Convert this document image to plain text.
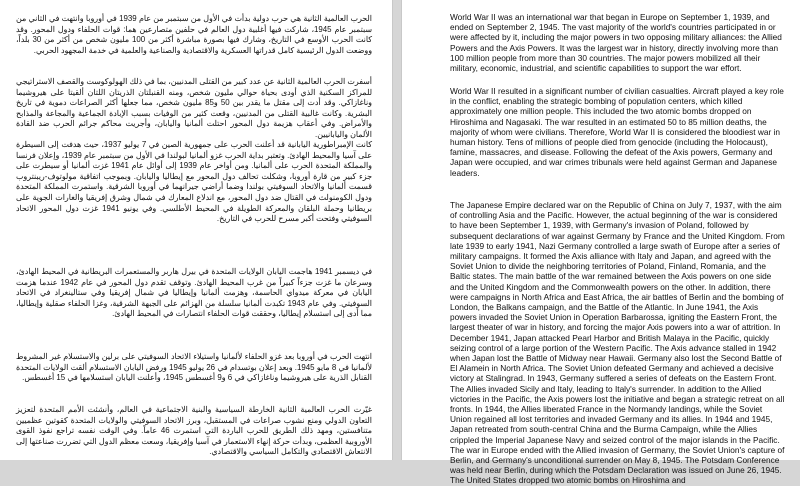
الحرب العالمية الثانية هي حرب دولية بدأت في الأول من سبتمبر من عام 1939 في أوروبا وانتهت في الثاني من سبتمبر عام 1945، شاركت فيها أغلبية دول العالم في حلفين متصارعين هما: قوات الحلفاء ودول المحور. وقد كانت الحرب الأوسع في التاريخ، وشارك فيها بصورة مباشرة أكثر من 100 مليون شخص من أكثر من 30 بلداً، ووضعت الدول الرئيسية كامل قدراتها العسكرية والاقتصادية والصناعية والعلمية في خدمة المجهود الحربي.

أسفرت الحرب العالمية الثانية عن عدد كبير من القتلى المدنيين، بما في ذلك الهولوكوست والقصف الاستراتيجي للمراكز السكنية الذي أودى بحياة حوالي مليون شخص، ومنه القنبلتان الذريتان اللتان ألقيتا على هيروشيما وناغازاكي. وقد أدت إلى مقتل ما يقدر بين 50 و85 مليون شخص، مما جعلها أكثر الصراعات دموية في تاريخ البشرية. وكانت غالبية القتلى من المدنيين، وقعت كثير من الوفيات بسبب الإبادة الجماعية والمجاعة والمذابح والأمراض. وفي أعقاب هزيمة دول المحور احتلت ألمانيا واليابان، وأجريت محاكم جرائم الحرب ضد القادة الألمان واليابانيين.

كانت الإمبراطورية اليابانية قد أعلنت الحرب على جمهورية الصين في 7 يوليو 1937، حيث هدفت إلى السيطرة على آسيا والمحيط الهادئ. وتعتبر بداية الحرب غزو ألمانيا لبولندا في الأول من سبتمبر عام 1939، وإعلان فرنسا والمملكة المتحدة الحرب على ألمانيا. ومن أواخر عام 1939 إلى أوائل عام 1941 غزت ألمانيا أو سيطرت على جزء كبير من قارة أوروبا، وشكلت تحالف دول المحور مع إيطاليا واليابان. وبموجب اتفاقية مولوتوف-ريبنتروب قسمت ألمانيا والاتحاد السوفيتي بولندا وضما أراضي جيرانهما في أوروبا الشرقية. واستمرت المملكة المتحدة ودول الكومنولث في القتال ضد دول المحور، مع اندلاع المعارك في شمال وشرق إفريقيا والغارات الجوية على بريطانيا وحملة البلقان والمعركة الطويلة في المحيط الأطلسي. وفي يونيو 1941 غزت دول المحور الاتحاد السوفيتي وفتحت أكبر مسرح للحرب في التاريخ.

في ديسمبر 1941 هاجمت اليابان الولايات المتحدة في بيرل هاربر والمستعمرات البريطانية في المحيط الهادئ، وسرعان ما غزت جزءاً كبيراً من غرب المحيط الهادئ. وتوقف تقدم دول المحور في عام 1942 عندما هزمت اليابان في معركة ميدواي الحاسمة، وهزمت ألمانيا وإيطاليا في شمال إفريقيا وفي ستالينغراد في الاتحاد السوفيتي. وفي عام 1943 تكبدت ألمانيا سلسلة من الهزائم على الجبهة الشرقية، وغزا الحلفاء صقلية وإيطاليا، مما أدى إلى استسلام إيطاليا، وحققت قوات الحلفاء انتصارات في المحيط الهادئ.

انتهت الحرب في أوروبا بعد غزو الحلفاء لألمانيا واستيلاء الاتحاد السوفيتي على برلين والاستسلام غير المشروط لألمانيا في 8 مايو 1945. وبعد إعلان بوتسدام في 26 يوليو 1945 ورفض اليابان الاستسلام ألقت الولايات المتحدة القنابل الذرية على هيروشيما وناغازاكي في 6 و9 أغسطس 1945، وأعلنت اليابان استسلامها في 15 أغسطس.

غيّرت الحرب العالمية الثانية الخارطة السياسية والبنية الاجتماعية في العالم، وأنشئت الأمم المتحدة لتعزيز التعاون الدولي ومنع نشوب صراعات في المستقبل، وبرز الاتحاد السوفيتي والولايات المتحدة كقوتين عظميين متنافستين، ومهد ذلك الطريق للحرب الباردة التي استمرت 46 عاماً. وفي الوقت نفسه تراجع نفوذ القوى الأوروبية العظمى، وبدأت حركة إنهاء الاستعمار في آسيا وإفريقيا، وسعت معظم الدول التي تضررت صناعتها إلى الانتعاش الاقتصادي والتكامل السياسي والاقتصادي.

World War II was an international war that began in Europe on September 1, 1939, and ended on September 2, 1945. The vast majority of the world's countries participated in or were affected by it, including the major powers in two opposing military alliances: the Allied Powers and the Axis Powers. It was the largest war in history, directly involving more than 100 million people from more than 30 countries. The major powers mobilized all their military, economic, industrial, and scientific capabilities to support the war effort.

World War II resulted in a significant number of civilian casualties. Aircraft played a key role in the conflict, enabling the strategic bombing of population centers, which killed approximately one million people. This included the two atomic bombs dropped on Hiroshima and Nagasaki. The war resulted in an estimated 50 to 85 million deaths, the majority of whom were civilians. Therefore, World War II is considered the bloodiest war in human history. Tens of millions of people died from genocide (including the Holocaust), famine, massacres, and disease. Following the defeat of the Axis powers, Germany and Japan were occupied, and war crimes tribunals were held against German and Japanese leaders.

The Japanese Empire declared war on the Republic of China on July 7, 1937, with the aim of controlling Asia and the Pacific. However, the actual beginning of the war is considered to have been September 1, 1939, with Germany's invasion of Poland, followed by subsequent declarations of war against Germany by France and the United Kingdom. From late 1939 to early 1941, Nazi Germany controlled a large swath of Europe after a series of military campaigns. It formed the Axis alliance with Italy and Japan, and agreed with the Soviet Union to divide the neighboring territories of Poland, Finland, Romania, and the Baltic states. The main battle of the war remained between the Axis powers on one side and the United Kingdom and the Commonwealth powers on the other. In addition, there were campaigns in North Africa and East Africa, the air battles of Berlin and the bombing of London, the Balkans campaign, and the Battle of the Atlantic. In June 1941, the Axis powers invaded the Soviet Union in Operation Barbarossa, igniting the Eastern Front, the largest theater of war in history, and forcing the major Axis powers into a war of attrition. In December 1941, Japan attacked Pearl Harbor and British Malaya in the Pacific, quickly seizing control of a large portion of the Western Pacific. The Axis advance stalled in 1942 when Japan lost the Battle of Midway near Hawaii. Germany also lost the Second Battle of El Alamein in North Africa. The Soviet Union defeated Germany and achieved a decisive victory at Stalingrad. In 1943, Germany suffered a series of defeats on the Eastern Front. The Allies invaded Sicily and Italy, leading to Italy's surrender. In addition to the Allied victories in the Pacific, the Axis powers lost the initiative and began a strategic retreat on all fronts. In 1944, the Allies liberated France in the Normandy landings, while the Soviet Union regained all lost territories and invaded Germany and its allies. In 1944 and 1945, Japan retreated from south-central China and the Burma Campaign, while the Allies crippled the Imperial Japanese Navy and seized control of the major islands in the Pacific. The war in Europe ended with the Allied invasion of Germany, the Soviet Union's capture of Berlin, and Germany's unconditional surrender on May 8, 1945. The Potsdam Conference was held near Berlin, during which the Potsdam Declaration was issued on June 26, 1945. The United States dropped two atomic bombs on Hiroshima and
